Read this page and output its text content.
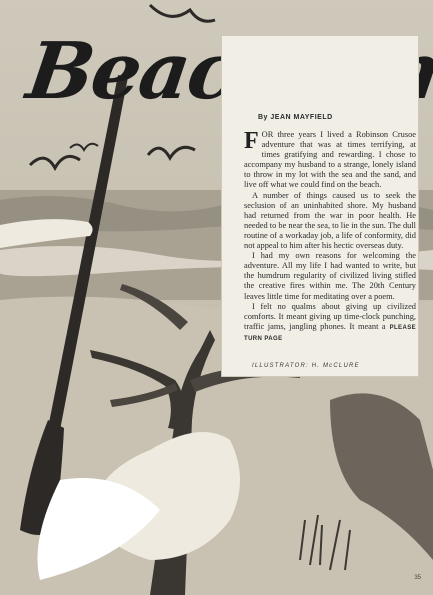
By JEAN MAYFIELD

FOR three years I lived a Robinson Crusoe adventure that was at times terrifying, at times gratifying and rewarding. I chose to accompany my husband to a strange, lonely island to throw in my lot with the sea and the sand, and live off what we could find on the beach.

A number of things caused us to seek the seclusion of an uninhabited shore. My husband had returned from the war in poor health. He needed to be near the sea, to lie in the sun. The dull routine of a workaday job, a life of conformity, did not appeal to him after his hectic overseas duty.

I had my own reasons for welcoming the adventure. All my life I had wanted to write, but the humdrum regularity of civilized living stifled the creative fires within me. The 20th Century leaves little time for meditating over a poem.

I felt no qualms about giving up civilized comforts. It meant giving up time-clock punching, traffic jams, jangling phones. It meant a PLEASE TURN PAGE

ILLUSTRATOR: H. McCLURE
35
